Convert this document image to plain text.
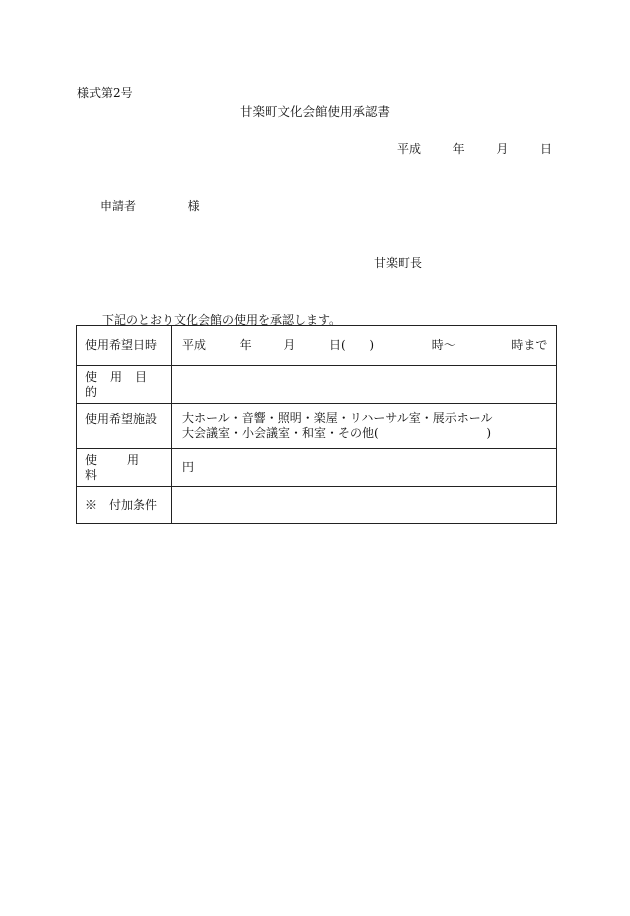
様式第2号
甘楽町文化会館使用承認書
平成	年	月	日
申請者	様
甘楽町長
下記のとおり文化会館の使用を承認します。
使用希望日時	平成 年 月 日( ) 時〜 時まで

使用目的	
使用希望施設	大ホール・音響・照明・楽屋・リハーサル室・展示ホール
大会議室・小会議室・和室・その他( )

使用料	円
※　付加条件	
